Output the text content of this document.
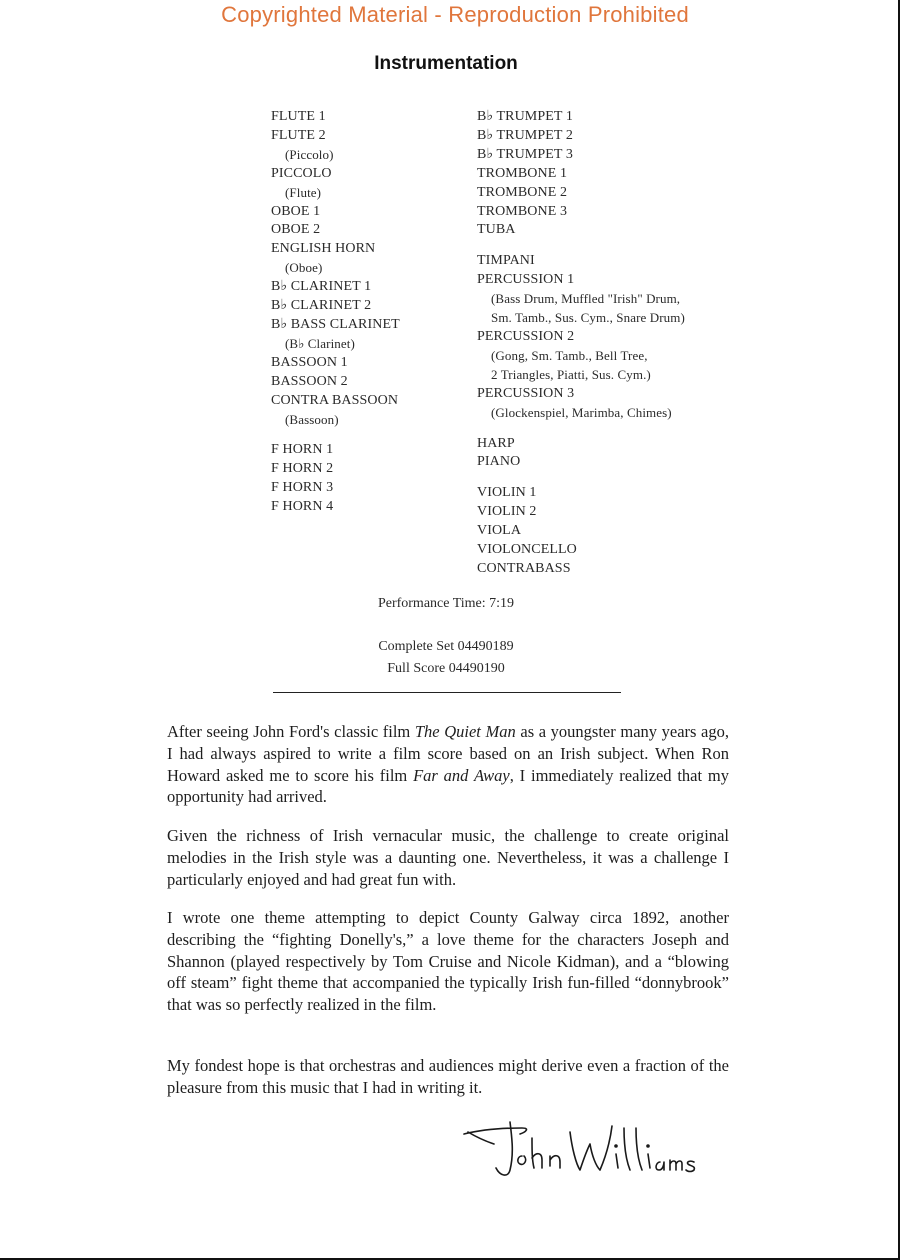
Copyrighted Material - Reproduction Prohibited
Instrumentation
FLUTE 1
FLUTE 2
(Piccolo)
PICCOLO
(Flute)
OBOE 1
OBOE 2
ENGLISH HORN
(Oboe)
B♭ CLARINET 1
B♭ CLARINET 2
B♭ BASS CLARINET
(B♭ Clarinet)
BASSOON 1
BASSOON 2
CONTRA BASSOON
(Bassoon)
F HORN 1
F HORN 2
F HORN 3
F HORN 4
B♭ TRUMPET 1
B♭ TRUMPET 2
B♭ TRUMPET 3
TROMBONE 1
TROMBONE 2
TROMBONE 3
TUBA
TIMPANI
PERCUSSION 1
(Bass Drum, Muffled "Irish" Drum,
Sm. Tamb., Sus. Cym., Snare Drum)
PERCUSSION 2
(Gong, Sm. Tamb., Bell Tree,
2 Triangles, Piatti, Sus. Cym.)
PERCUSSION 3
(Glockenspiel, Marimba, Chimes)
HARP
PIANO
VIOLIN 1
VIOLIN 2
VIOLA
VIOLONCELLO
CONTRABASS
Performance Time: 7:19
Complete Set 04490189
Full Score 04490190
After seeing John Ford's classic film The Quiet Man as a youngster many years ago, I had always aspired to write a film score based on an Irish subject. When Ron Howard asked me to score his film Far and Away, I immediately realized that my opportunity had arrived.
Given the richness of Irish vernacular music, the challenge to create original melodies in the Irish style was a daunting one. Nevertheless, it was a challenge I particularly enjoyed and had great fun with.
I wrote one theme attempting to depict County Galway circa 1892, another describing the “fighting Donelly's,” a love theme for the characters Joseph and Shannon (played respectively by Tom Cruise and Nicole Kidman), and a “blowing off steam” fight theme that accompanied the typically Irish fun-filled “donnybrook” that was so perfectly realized in the film.
My fondest hope is that orchestras and audiences might derive even a fraction of the pleasure from this music that I had in writing it.
